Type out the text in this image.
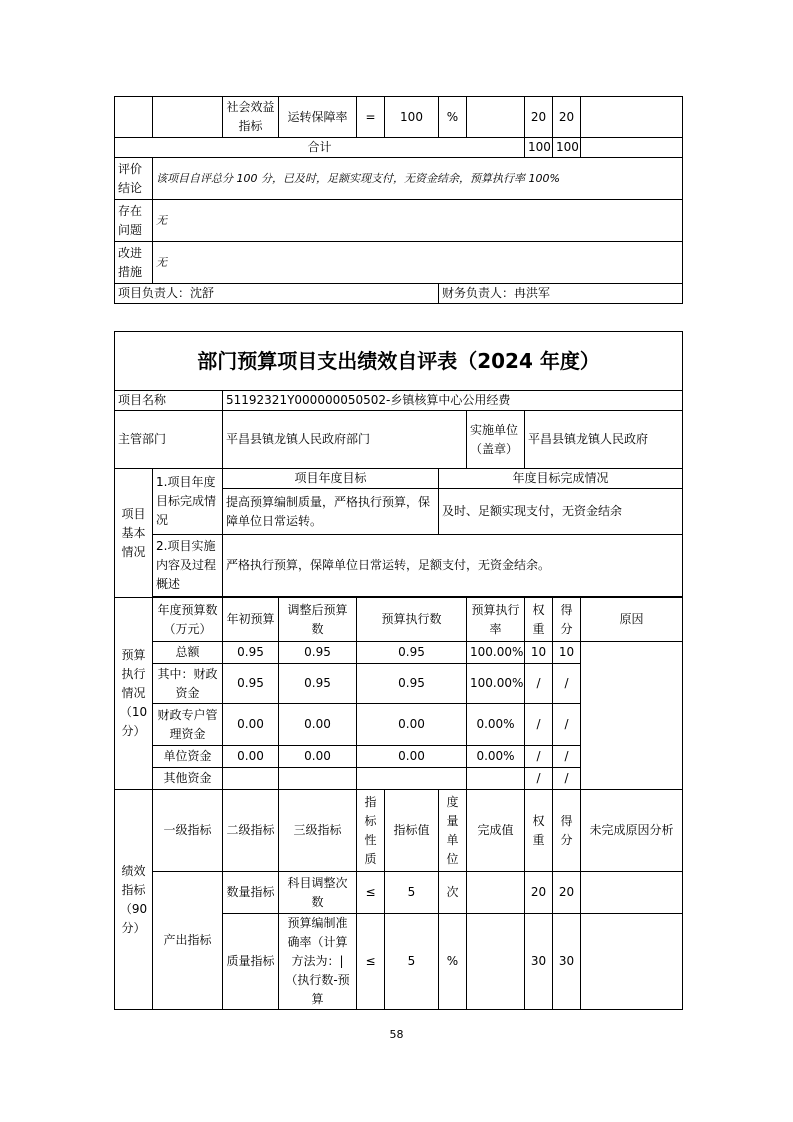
		社会效益指标	运转保障率	=	100	%		20	20	
合计								100	100	
评价结论	该项目自评总分 100 分，已及时，足额实现支付，无资金结余，预算执行率 100%									
存在问题	无									
改进措施	无									
项目负责人：沈舒						财务负责人：冉洪军				
部门预算项目支出绩效自评表（2024 年度）										
项目名称		51192321Y000000050502-乡镇核算中心公用经费								
主管部门		平昌县镇龙镇人民政府部门					实施单位（盖章）	平昌县镇龙镇人民政府		
项目基本情况	1.项目年度目标完成情况	项目年度目标				年度目标完成情况				
		提高预算编制质量，严格执行预算，保障单位日常运转。				及时、足额实现支付，无资金结余				
	2.项目实施内容及过程概述	严格执行预算，保障单位日常运转，足额支付，无资金结余。								

预算执行情况（10分）	年度预算数（万元）	年初预算	调整后预算数	预算执行数			预算执行率	权重	得分	原因
	总额	0.95	0.95	0.95			100.00%	10	10	
	其中：财政资金	0.95	0.95	0.95			100.00%	/	/	
	财政专户管理资金	0.00	0.00	0.00			0.00%	/	/	
	单位资金	0.00	0.00	0.00			0.00%	/	/	
	其他资金							/	/	
绩效指标（90分）	一级指标	二级指标	三级指标	指标性质	指标值	度量单位	完成值	权重	得分	未完成原因分析
	产出指标	数量指标	科目调整次数	≤	5	次		20	20	
		质量指标	预算编制准确率（计算方法为：|（执行数-预算	≤	5	%		30	30	
58
